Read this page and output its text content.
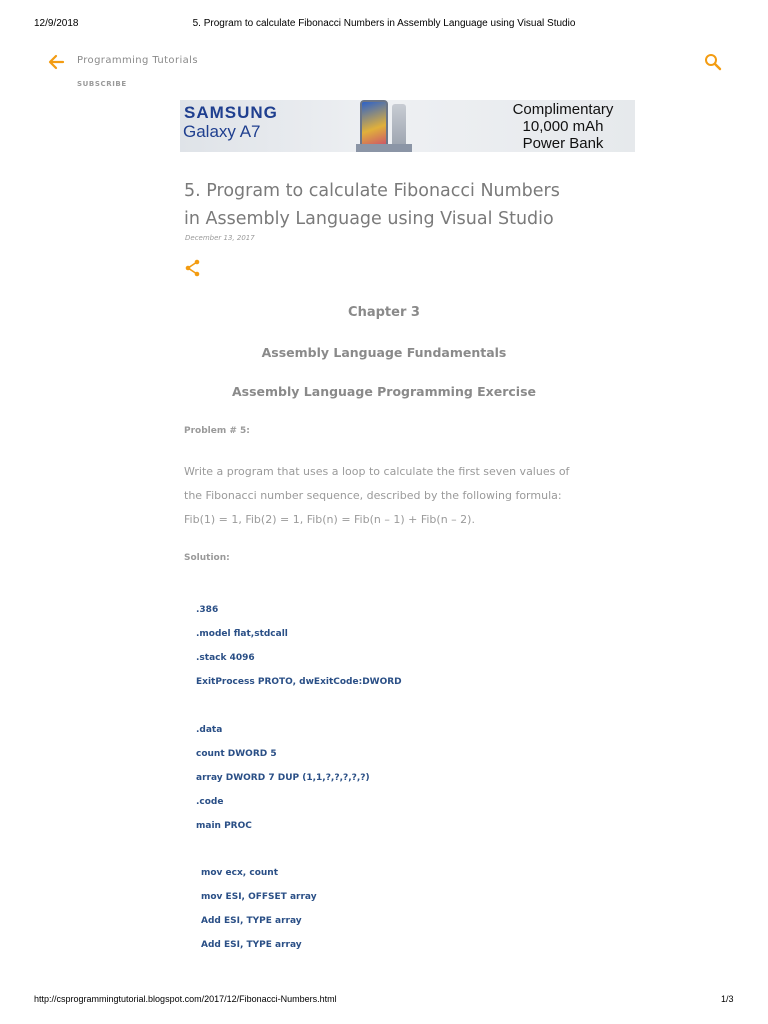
12/9/2018	5. Program to calculate Fibonacci Numbers in Assembly Language using Visual Studio
Programming Tutorials
SUBSCRIBE
SAMSUNG
Galaxy A7
Complimentary
10,000 mAh
Power Bank
5. Program to calculate Fibonacci Numbers
in Assembly Language using Visual Studio
December 13, 2017
Chapter 3
Assembly Language Fundamentals
Assembly Language Programming Exercise
Problem # 5:
Write a program that uses a loop to calculate the first seven values of
the Fibonacci number sequence, described by the following formula:
Fib(1) = 1, Fib(2) = 1, Fib(n) = Fib(n – 1) + Fib(n – 2).
Solution:
.386
.model flat,stdcall
.stack 4096
ExitProcess PROTO, dwExitCode:DWORD
.data
count DWORD 5
array DWORD 7 DUP (1,1,?,?,?,?,?)
.code
main PROC
mov ecx, count
mov ESI, OFFSET array
Add ESI, TYPE array
Add ESI, TYPE array
http://csprogrammingtutorial.blogspot.com/2017/12/Fibonacci-Numbers.html	1/3
